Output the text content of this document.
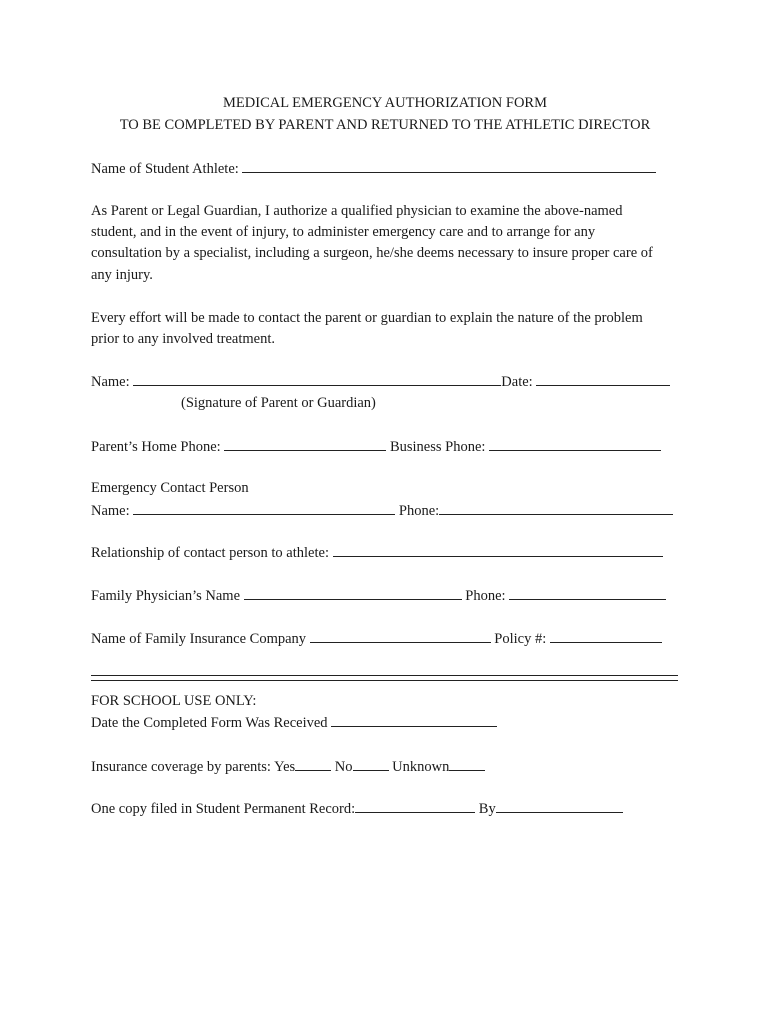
MEDICAL EMERGENCY AUTHORIZATION FORM
TO BE COMPLETED BY PARENT AND RETURNED TO THE ATHLETIC DIRECTOR
Name of Student Athlete:
As Parent or Legal Guardian, I authorize a qualified physician to examine the above-named
student, and in the event of injury, to administer emergency care and to arrange for any
consultation by a specialist, including a surgeon, he/she deems necessary to insure proper care of
any injury.
Every effort will be made to contact the parent or guardian to explain the nature of the problem
prior to any involved treatment.
Name:	Date:
(Signature of Parent or Guardian)
Parent’s Home Phone:	Business Phone:
Emergency Contact Person
Name:	Phone:
Relationship of contact person to athlete:
Family Physician’s Name	Phone:
Name of Family Insurance Company	Policy #:
FOR SCHOOL USE ONLY:
Date the Completed Form Was Received
Insurance coverage by parents: Yes	No	Unknown
One copy filed in Student Permanent Record:	By
